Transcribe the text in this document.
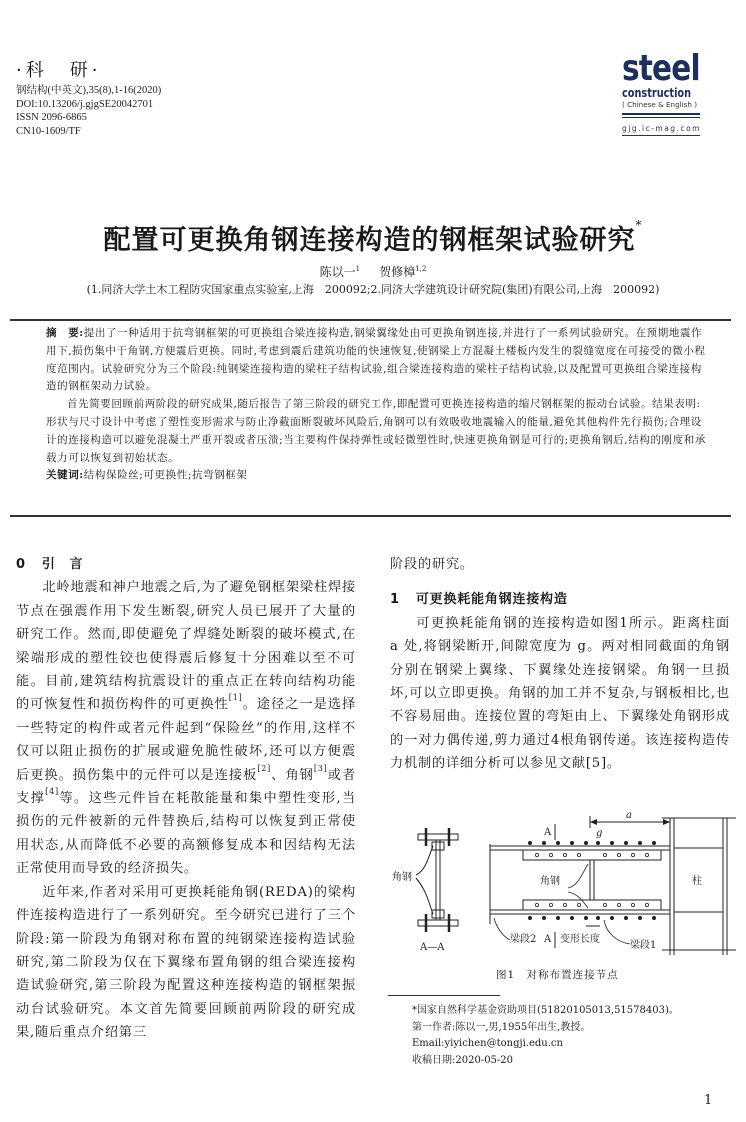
·科　研·
钢结构(中英文),35(8),1-16(2020)
DOI:10.13206/j.gjgSE20042701
ISSN 2096-6865
CN10-1609/TF
steel
construction
( Chinese & English )
gjg.ic-mag.com
配置可更换角钢连接构造的钢框架试验研究*
陈以一$^1$ 贺修樟$^{1,2}$
(1.同济大学土木工程防灾国家重点实验室,上海　200092;2.同济大学建筑设计研究院(集团)有限公司,上海　200092)

摘　要:提出了一种适用于抗弯钢框架的可更换组合梁连接构造,钢梁翼缘处由可更换角钢连接,并进行了一系列试验研究。在预期地震作用下,损伤集中于角钢,方便震后更换。同时,考虑到震后建筑功能的快速恢复,使钢梁上方混凝土楼板内发生的裂缝宽度在可接受的微小程度范围内。试验研究分为三个阶段:纯钢梁连接构造的梁柱子结构试验,组合梁连接构造的梁柱子结构试验,以及配置可更换组合梁连接构造的钢框架动力试验。

首先简要回顾前两阶段的研究成果,随后报告了第三阶段的研究工作,即配置可更换连接构造的缩尺钢框架的振动台试验。结果表明:形状与尺寸设计中考虑了塑性变形需求与防止净截面断裂破坏风险后,角钢可以有效吸收地震输入的能量,避免其他构件先行损伤;合理设计的连接构造可以避免混凝土严重开裂或者压溃;当主要构件保持弹性或轻微塑性时,快速更换角钢是可行的;更换角钢后,结构的刚度和承载力可以恢复到初始状态。

关键词:结构保险丝;可更换性;抗弯钢框架

0 引　言

北岭地震和神户地震之后,为了避免钢框架梁柱焊接节点在强震作用下发生断裂,研究人员已展开了大量的研究工作。然而,即使避免了焊缝处断裂的破坏模式,在梁端形成的塑性铰也使得震后修复十分困难以至不可能。目前,建筑结构抗震设计的重点正在转向结构功能的可恢复性和损伤构件的可更换性[1]。途径之一是选择一些特定的构件或者元件起到“保险丝”的作用,这样不仅可以阻止损伤的扩展或避免脆性破坏,还可以方便震后更换。损伤集中的元件可以是连接板[2]、角钢[3]或者支撑[4]等。这些元件旨在耗散能量和集中塑性变形,当损伤的元件被新的元件替换后,结构可以恢复到正常使用状态,从而降低不必要的高额修复成本和因结构无法正常使用而导致的经济损失。

近年来,作者对采用可更换耗能角钢(REDA)的梁构件连接构造进行了一系列研究。至今研究已进行了三个阶段:第一阶段为角钢对称布置的纯钢梁连接构造试验研究,第二阶段为仅在下翼缘布置角钢的组合梁连接构造试验研究,第三阶段为配置这种连接构造的钢框架振动台试验研究。本文首先简要回顾前两阶段的研究成果,随后重点介绍第三

阶段的研究。

1 可更换耗能角钢连接构造

可更换耗能角钢的连接构造如图1所示。距离柱面 a 处,将钢梁断开,间隙宽度为 g。两对相同截面的角钢分别在钢梁上翼缘、下翼缘处连接钢梁。角钢一旦损坏,可以立即更换。角钢的加工并不复杂,与钢板相比,也不容易屈曲。连接位置的弯矩由上、下翼缘处角钢形成的一对力偶传递,剪力通过4根角钢传递。该连接构造传力机制的详细分析可以参见文献[5]。

角钢
A—A
A
A
a
g
角钢	柱
梁段2 变形长度
梁段1
图1　对称布置连接节点
*国家自然科学基金资助项目(51820105013,51578403)。
第一作者:陈以一,男,1955年出生,教授。
Email:yiyichen@tongji.edu.cn
收稿日期:2020-05-20
1
